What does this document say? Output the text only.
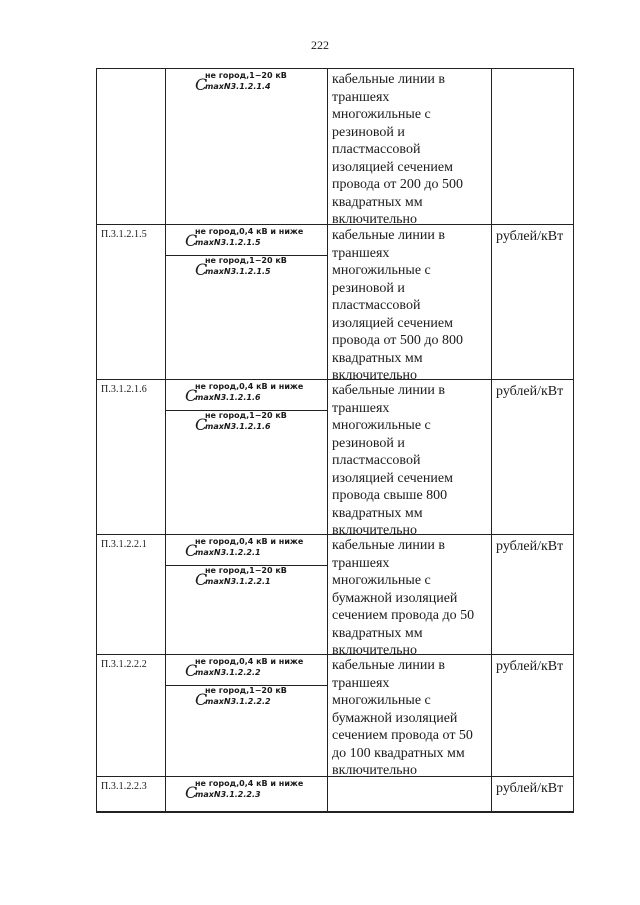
222
C
не город,1−20 кВ
maxN3.1.2.1.4	кабельные линии в
траншеях
многожильные с
резиновой и
пластмассовой
изоляцией сечением
провода от 200 до 500
квадратных мм
включительно
П.3.1.2.1.5 C
не город,0,4 кВ и ниже
maxN3.1.2.1.5
C
не город,1−20 кВ
maxN3.1.2.1.5
кабельные линии в
траншеях
многожильные с
резиновой и
пластмассовой
изоляцией сечением
провода от 500 до 800
квадратных мм
включительно
рублей/кВт
П.3.1.2.1.6 C
не город,0,4 кВ и ниже
maxN3.1.2.1.6
C
не город,1−20 кВ
maxN3.1.2.1.6
кабельные линии в
траншеях
многожильные с
резиновой и
пластмассовой
изоляцией сечением
провода свыше 800
квадратных мм
включительно
рублей/кВт
П.3.1.2.2.1 C
не город,0,4 кВ и ниже
maxN3.1.2.2.1
C
не город,1−20 кВ
maxN3.1.2.2.1
кабельные линии в
траншеях
многожильные с
бумажной изоляцией
сечением провода до 50
квадратных мм
включительно
рублей/кВт
П.3.1.2.2.2 C
не город,0,4 кВ и ниже
maxN3.1.2.2.2
C
не город,1−20 кВ
maxN3.1.2.2.2
кабельные линии в
траншеях
многожильные с
бумажной изоляцией
сечением провода от 50
до 100 квадратных мм
включительно
рублей/кВт
П.3.1.2.2.3 C
не город,0,4 кВ и ниже
maxN3.1.2.2.3	рублей/кВт
